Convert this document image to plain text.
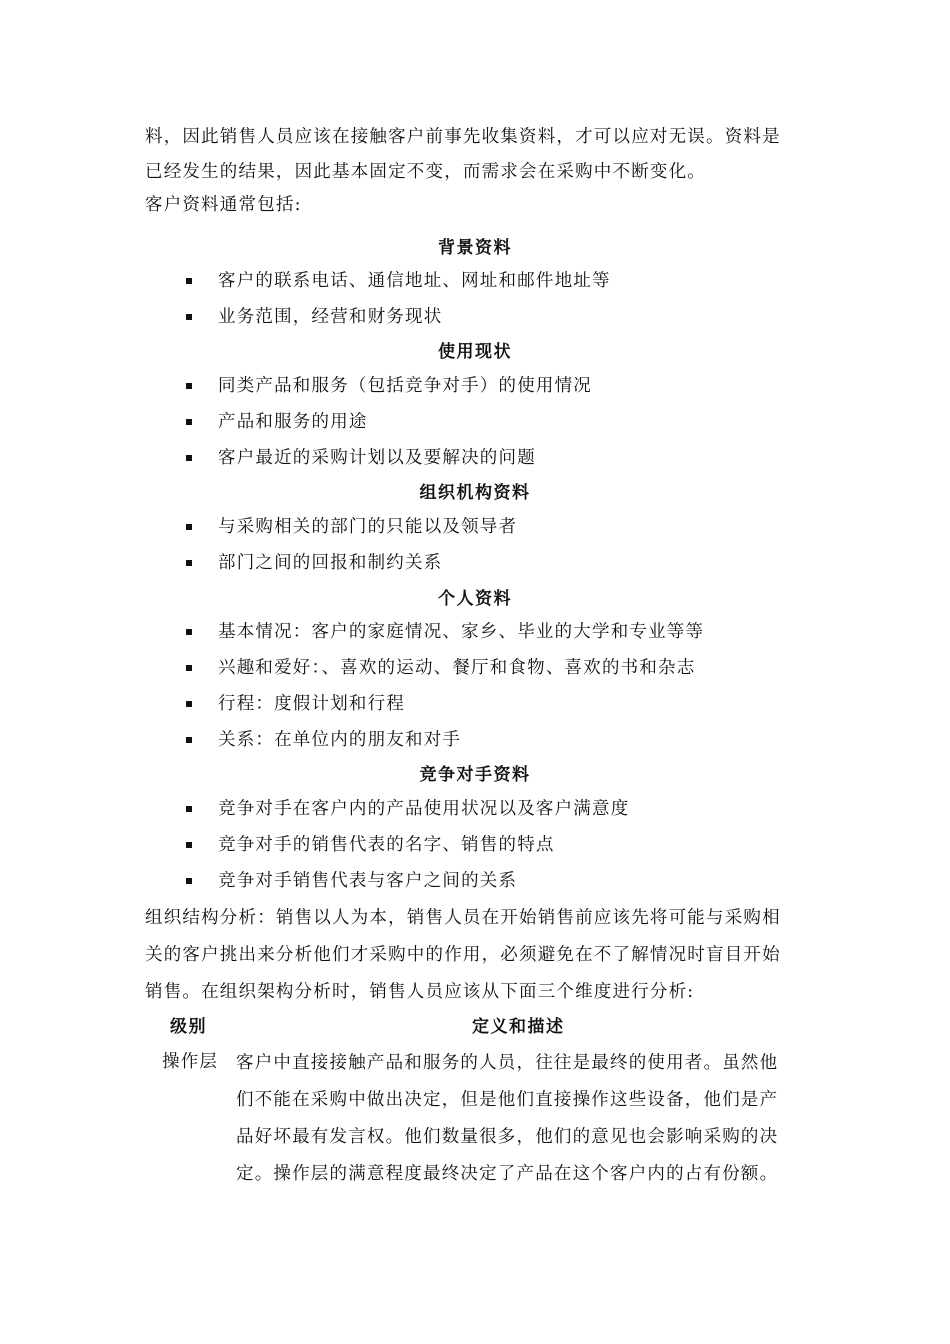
料，因此销售人员应该在接触客户前事先收集资料，才可以应对无误。资料是
已经发生的结果，因此基本固定不变，而需求会在采购中不断变化。
客户资料通常包括:
背景资料
客户的联系电话、通信地址、网址和邮件地址等
业务范围，经营和财务现状
使用现状
同类产品和服务（包括竞争对手）的使用情况
产品和服务的用途
客户最近的采购计划以及要解决的问题
组织机构资料
与采购相关的部门的只能以及领导者
部门之间的回报和制约关系
个人资料
基本情况：客户的家庭情况、家乡、毕业的大学和专业等等
兴趣和爱好：、喜欢的运动、餐厅和食物、喜欢的书和杂志
行程：度假计划和行程
关系：在单位内的朋友和对手
竞争对手资料
竞争对手在客户内的产品使用状况以及客户满意度
竞争对手的销售代表的名字、销售的特点
竞争对手销售代表与客户之间的关系
组织结构分析：销售以人为本，销售人员在开始销售前应该先将可能与采购相
关的客户挑出来分析他们才采购中的作用，必须避免在不了解情况时盲目开始
销售。在组织架构分析时，销售人员应该从下面三个维度进行分析:
级别	定义和描述
操作层 客户中直接接触产品和服务的人员，往往是最终的使用者。虽然他
们不能在采购中做出决定，但是他们直接操作这些设备，他们是产
品好坏最有发言权。他们数量很多，他们的意见也会影响采购的决
定。操作层的满意程度最终决定了产品在这个客户内的占有份额。
